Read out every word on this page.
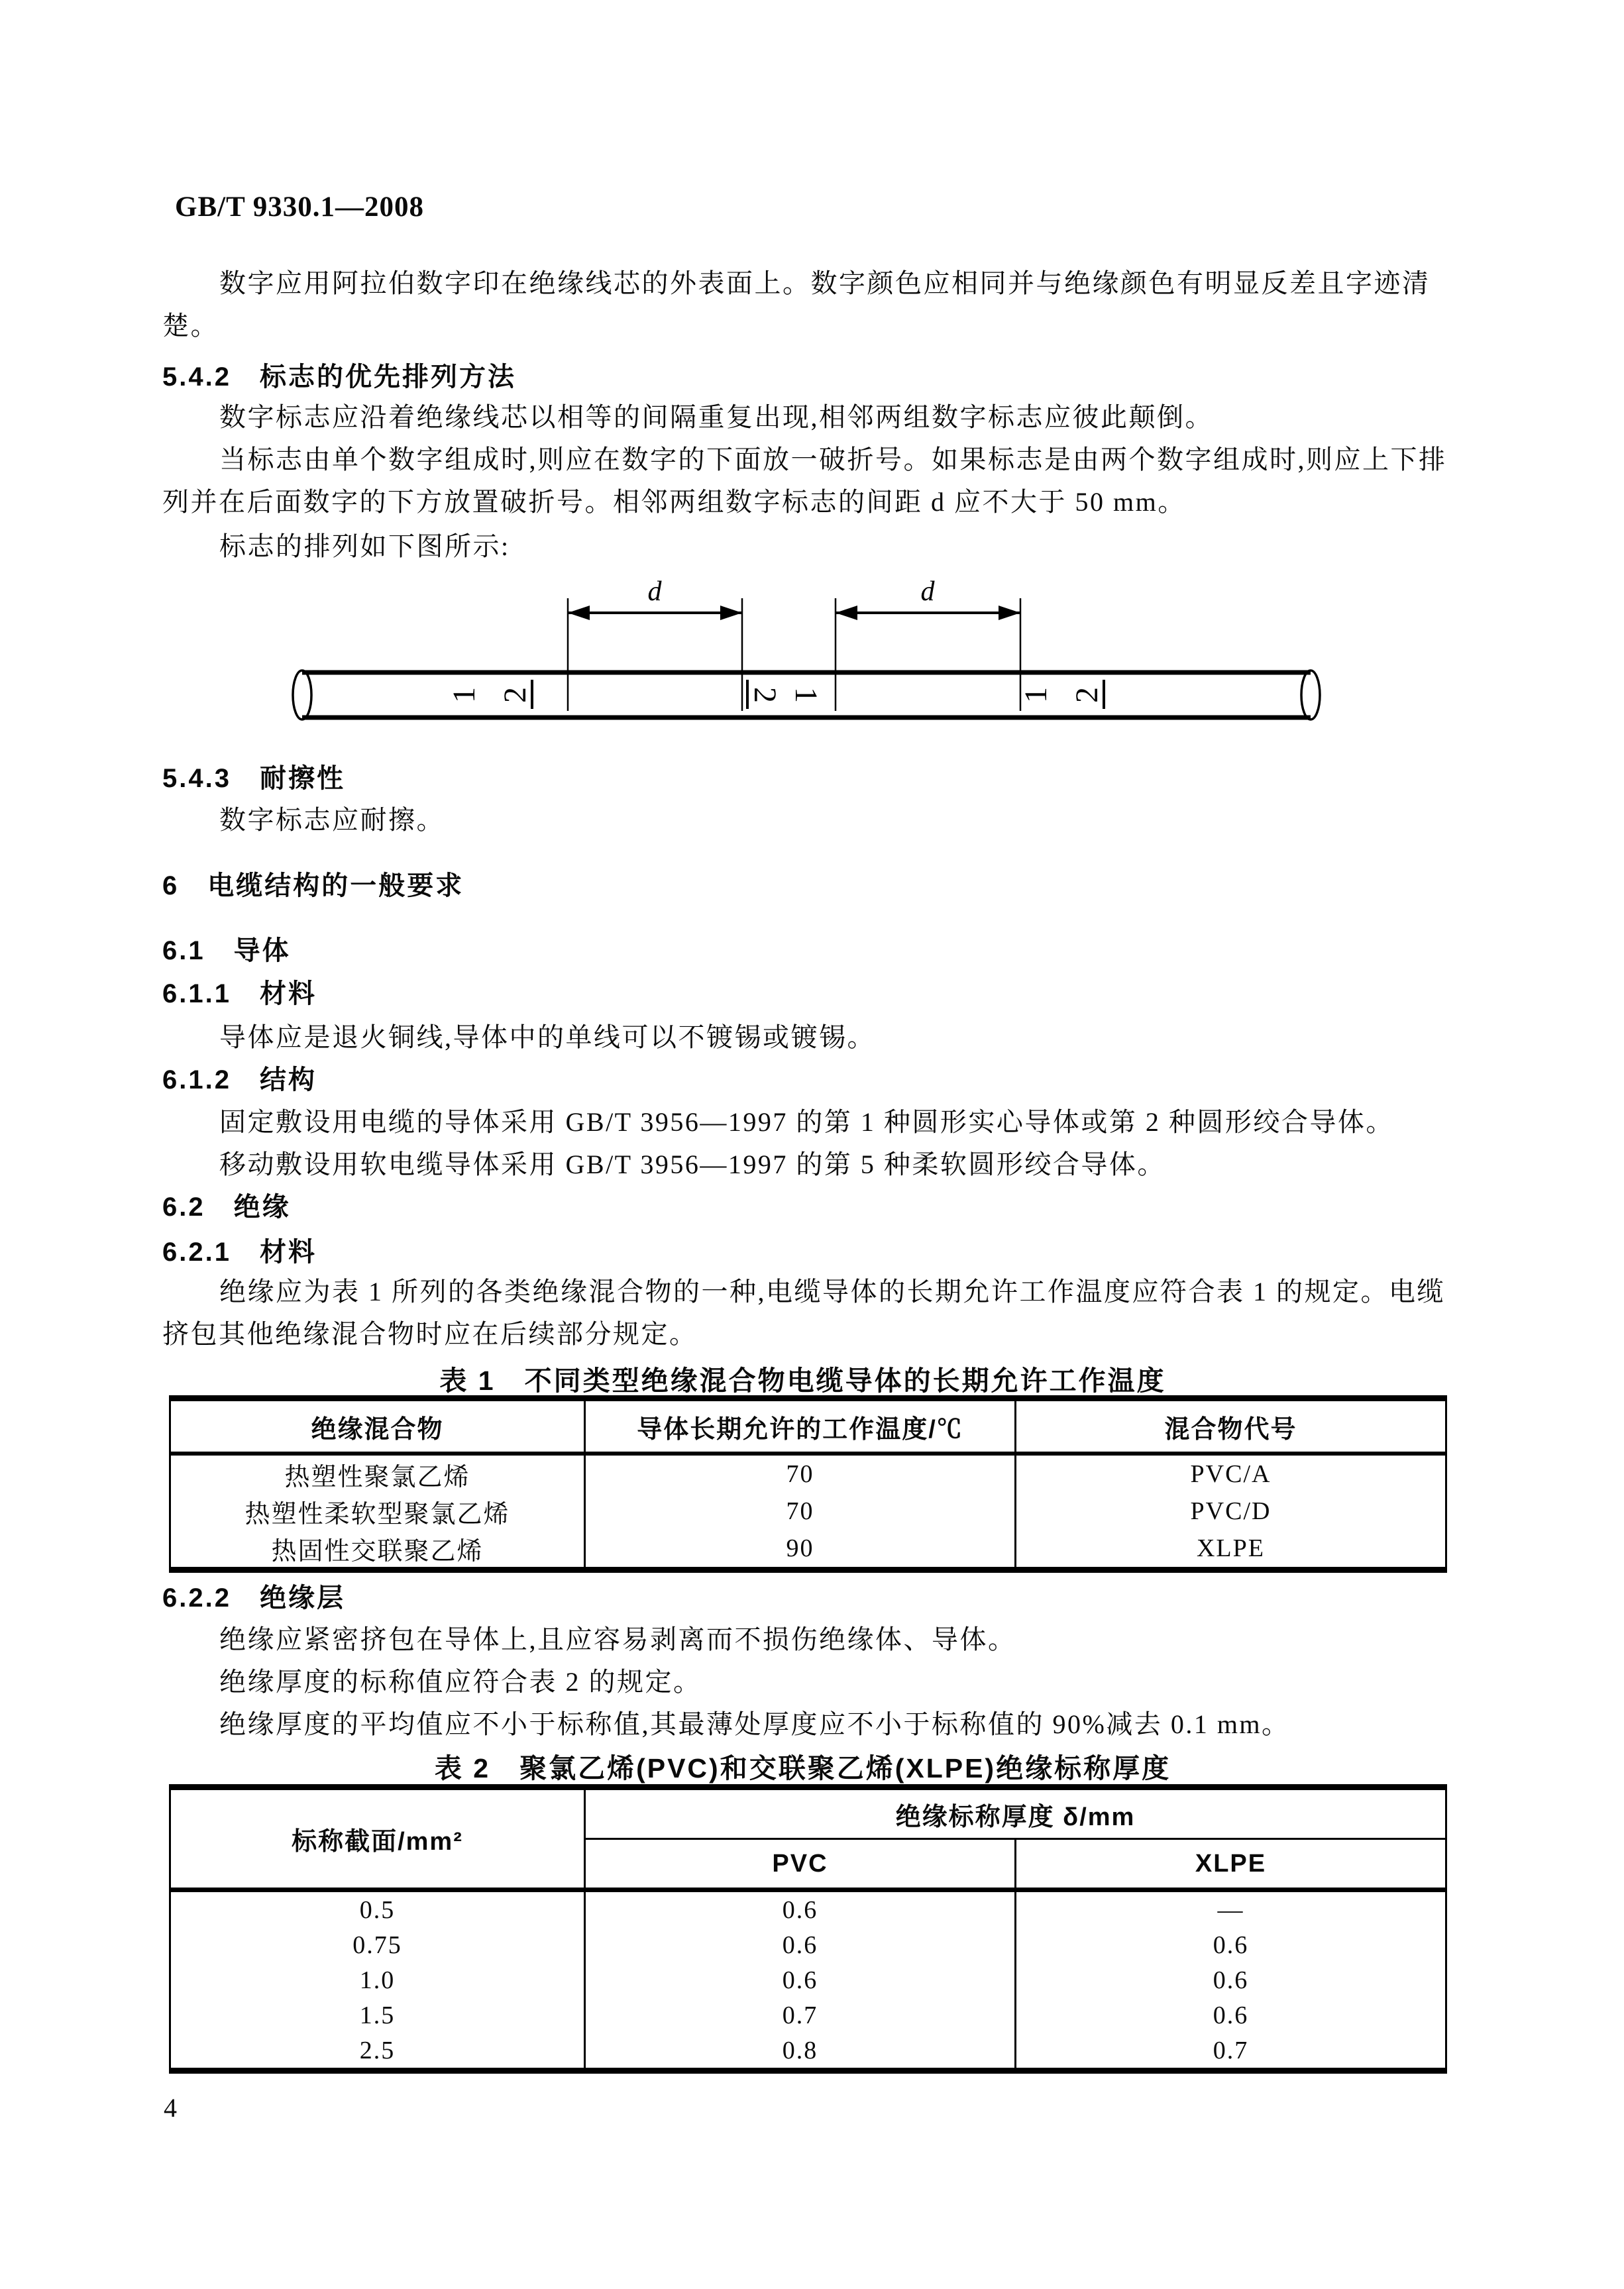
GB/T 9330.1—2008

数字应用阿拉伯数字印在绝缘线芯的外表面上。数字颜色应相同并与绝缘颜色有明显反差且字迹清楚。

5.4.2　标志的优先排列方法

数字标志应沿着绝缘线芯以相等的间隔重复出现,相邻两组数字标志应彼此颠倒。

当标志由单个数字组成时,则应在数字的下面放一破折号。如果标志是由两个数字组成时,则应上下排列并在后面数字的下方放置破折号。相邻两组数字标志的间距 d 应不大于 50 mm。

标志的排列如下图所示:

d	d
1 2	2 1	1 2
5.4.3　耐擦性

数字标志应耐擦。

6　电缆结构的一般要求
6.1　导体
6.1.1　材料

导体应是退火铜线,导体中的单线可以不镀锡或镀锡。

6.1.2　结构

固定敷设用电缆的导体采用 GB/T 3956—1997 的第 1 种圆形实心导体或第 2 种圆形绞合导体。

移动敷设用软电缆导体采用 GB/T 3956—1997 的第 5 种柔软圆形绞合导体。

6.2　绝缘
6.2.1　材料

绝缘应为表 1 所列的各类绝缘混合物的一种,电缆导体的长期允许工作温度应符合表 1 的规定。电缆挤包其他绝缘混合物时应在后续部分规定。

表 1　不同类型绝缘混合物电缆导体的长期允许工作温度

绝缘混合物	导体长期允许的工作温度/℃	混合物代号
热塑性聚氯乙烯	70	PVC/A
热塑性柔软型聚氯乙烯	70	PVC/D
热固性交联聚乙烯	90	XLPE
6.2.2　绝缘层

绝缘应紧密挤包在导体上,且应容易剥离而不损伤绝缘体、导体。

绝缘厚度的标称值应符合表 2 的规定。

绝缘厚度的平均值应不小于标称值,其最薄处厚度应不小于标称值的 90%减去 0.1 mm。

表 2　聚氯乙烯(PVC)和交联聚乙烯(XLPE)绝缘标称厚度

标称截面/mm²	绝缘标称厚度 δ/mm	
	PVC	XLPE
0.5	0.6	—
0.75	0.6	0.6
1.0	0.6	0.6
1.5	0.7	0.6
2.5	0.8	0.7

4
